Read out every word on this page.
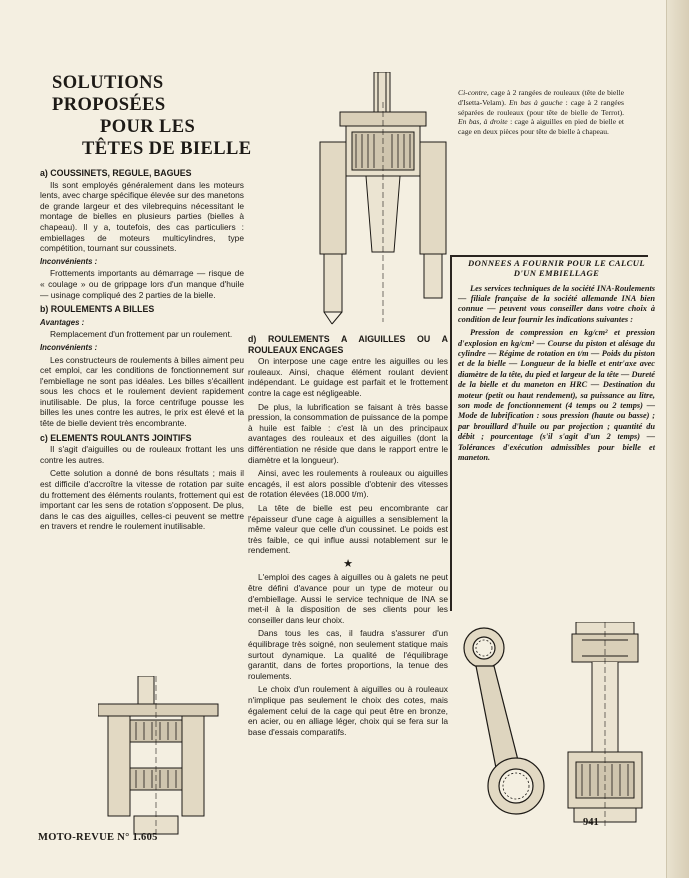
SOLUTIONS
PROPOSÉES
POUR LES
TÊTES DE BIELLE
Ci-contre, cage à 2 rangées de rouleaux (tête de bielle d'Isetta-Velam). En bas à gauche : cage à 2 rangées séparées de rouleaux (pour tête de bielle de Terrot). En bas, à droite : cage à aiguilles en pied de bielle et cage en deux pièces pour tête de bielle à chapeau.
a) COUSSINETS, REGULE, BAGUES

Ils sont employés généralement dans les moteurs lents, avec charge spécifique élevée sur des manetons de grande largeur et des vilebrequins nécessitant le montage de bielles en plusieurs parties (bielles à chapeau). Il y a, toutefois, des cas particuliers : embiellages de moteurs multicylindres, type compétition, tournant sur coussinets.

Inconvénients :

Frottements importants au démarrage — risque de « coulage » ou de grippage lors d'un manque d'huile — usinage compliqué des 2 parties de la bielle.

b) ROULEMENTS A BILLES
Avantages :

Remplacement d'un frottement par un roulement.

Inconvénients :

Les constructeurs de roulements à billes aiment peu cet emploi, car les conditions de fonctionnement sur l'embiellage ne sont pas idéales. Les billes s'écaillent sous les chocs et le roulement devient rapidement inutilisable. De plus, la force centrifuge pousse les billes les unes contre les autres, le prix est élevé et la tête de bielle devient très encombrante.

c) ELEMENTS ROULANTS JOINTIFS

Il s'agit d'aiguilles ou de rouleaux frottant les uns contre les autres.

Cette solution a donné de bons résultats ; mais il est difficile d'accroître la vitesse de rotation par suite du frottement des éléments roulants, frottement qui est important car les sens de rotation s'opposent. De plus, dans le cas des aiguilles, celles-ci peuvent se mettre en travers et rendre le roulement inutilisable.

d) ROULEMENTS A AIGUILLES OU A ROULEAUX ENCAGES

On interpose une cage entre les aiguilles ou les rouleaux. Ainsi, chaque élément roulant devient indépendant. Le guidage est parfait et le frottement contre la cage est négligeable.

De plus, la lubrification se faisant à très basse pression, la consommation de puissance de la pompe à huile est faible : c'est là un des principaux avantages des rouleaux et des aiguilles (dont la différentiation ne réside que dans le rapport entre le diamètre et la longueur).

Ainsi, avec les roulements à rouleaux ou aiguilles encagés, il est alors possible d'obtenir des vitesses de rotation élevées (18.000 t/m).

La tête de bielle est peu encombrante car l'épaisseur d'une cage à aiguilles a sensiblement la même valeur que celle d'un coussinet. Le poids est très faible, ce qui influe aussi notablement sur le rendement.

★

L'emploi des cages à aiguilles ou à galets ne peut être défini d'avance pour un type de moteur ou d'embiellage. Aussi le service technique de INA se met-il à la disposition de ses clients pour les conseiller dans leur choix.

Dans tous les cas, il faudra s'assurer d'un équilibrage très soigné, non seulement statique mais surtout dynamique. La qualité de l'équilibrage garantit, dans de fortes proportions, la tenue des roulements.

Le choix d'un roulement à aiguilles ou à rouleaux n'implique pas seulement le choix des cotes, mais également celui de la cage qui peut être en bronze, en acier, ou en alliage léger, choix qui se fera sur la base d'essais comparatifs.

DONNEES A FOURNIR POUR LE CALCUL D'UN EMBIELLAGE

Les services techniques de la société INA-Roulements — filiale française de la société allemande INA bien connue — peuvent vous conseiller dans votre choix à condition de leur fournir les indications suivantes :

Pression de compression en kg/cm² et pression d'explosion en kg/cm² — Course du piston et alésage du cylindre — Régime de rotation en t/m — Poids du piston et de la bielle — Longueur de la bielle et entr'axe avec diamètre de la tête, du pied et largeur de la tête — Dureté de la bielle et du maneton en HRC — Destination du moteur (petit ou haut rendement), sa puissance au litre, son mode de fonctionnement (4 temps ou 2 temps) — Mode de lubrification : sous pression (haute ou basse) ; par brouillard d'huile ou par projection ; quantité du débit ; pourcentage (s'il s'agit d'un 2 temps) — Tolérances d'exécution admissibles pour bielle et maneton.

MOTO-REVUE N° 1.605
941
